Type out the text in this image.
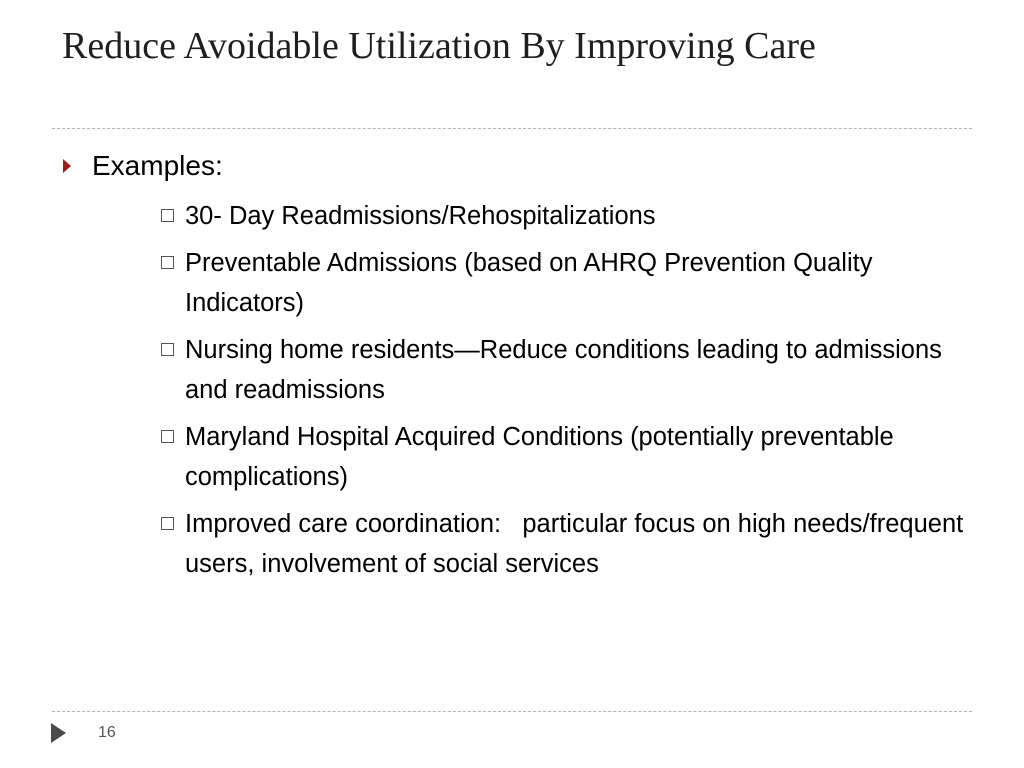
Reduce Avoidable Utilization By Improving Care
Examples:
30- Day Readmissions/Rehospitalizations
Preventable Admissions (based on AHRQ Prevention Quality Indicators)
Nursing home residents—Reduce conditions leading to admissions and readmissions
Maryland Hospital Acquired Conditions (potentially preventable complications)
Improved care coordination:   particular focus on high needs/frequent users, involvement of social services
16
